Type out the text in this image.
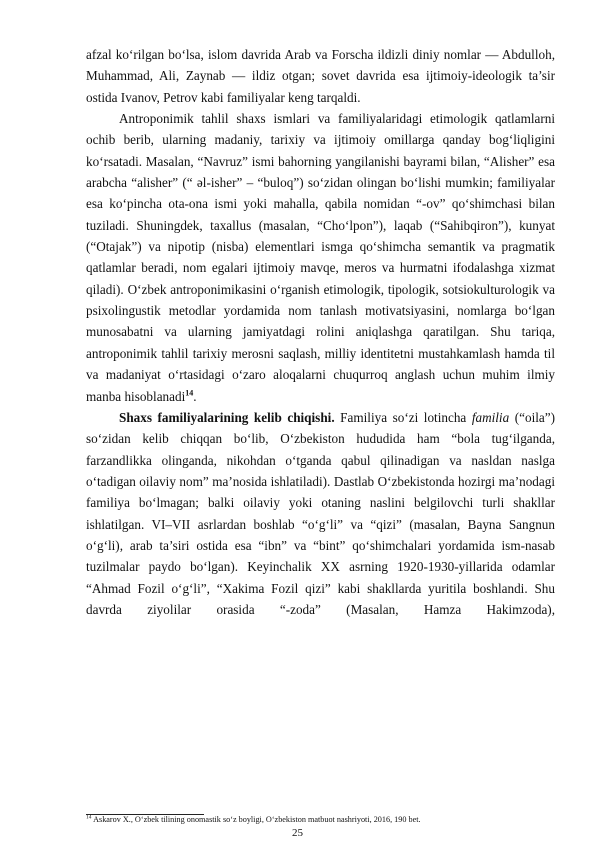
afzal ko‘rilgan bo‘lsa, islom davrida Arab va Forscha ildizli diniy nomlar — Abdulloh, Muhammad, Ali, Zaynab — ildiz otgan; sovet davrida esa ijtimoiy-ideologik ta’sir ostida Ivanov, Petrov kabi familiyalar keng tarqaldi.

Antroponimik tahlil shaxs ismlari va familiyalaridagi etimologik qatlamlarni ochib berib, ularning madaniy, tarixiy va ijtimoiy omillarga qanday bog‘liqligini ko‘rsatadi. Masalan, “Navruz” ismi bahorning yangilanishi bayrami bilan, “Alisher” esa arabcha “alisher” (“ əl-isher” – “buloq”) so‘zidan olingan bo‘lishi mumkin; familiyalar esa ko‘pincha ota-ona ismi yoki mahalla, qabila nomidan “-ov” qo‘shimchasi bilan tuziladi. Shuningdek, taxallus (masalan, “Cho‘lpon”), laqab (“Sahibqiron”), kunyat (“Otajak”) va nipotip (nisba) elementlari ismga qo‘shimcha semantik va pragmatik qatlamlar beradi, nom egalari ijtimoiy mavqe, meros va hurmatni ifodalashga xizmat qiladi). O‘zbek antroponimikasini o‘rganish etimologik, tipologik, sotsiokulturologik va psixolingustik metodlar yordamida nom tanlash motivatsiyasini, nomlarga bo‘lgan munosabatni va ularning jamiyatdagi rolini aniqlashga qaratilgan. Shu tariqa, antroponimik tahlil tarixiy merosni saqlash, milliy identitetni mustahkamlash hamda til va madaniyat o‘rtasidagi o‘zaro aloqalarni chuqurroq anglash uchun muhim ilmiy manba hisoblanadi$^{14}$.

Shaxs familiyalarining kelib chiqishi. Familiya so‘zi lotincha familia (“oila”) so‘zidan kelib chiqqan bo‘lib, O‘zbekiston hududida ham “bola tug‘ilganda, farzandlikka olinganda, nikohdan o‘tganda qabul qilinadigan va nasldan naslga o‘tadigan oilaviy nom” ma’nosida ishlatiladi). Dastlab O‘zbekistonda hozirgi ma’nodagi familiya bo‘lmagan; balki oilaviy yoki otaning naslini belgilovchi turli shakllar ishlatilgan. VI–VII asrlardan boshlab “o‘g‘li” va “qizi” (masalan, Bayna Sangnun o‘g‘li), arab ta’siri ostida esa “ibn” va “bint” qo‘shimchalari yordamida ism-nasab tuzilmalar paydo bo‘lgan). Keyinchalik XX asrning 1920-1930-yillarida odamlar “Ahmad Fozil o‘g‘li”, “Xakima Fozil qizi” kabi shakllarda yuritila boshlandi. Shu davrda ziyolilar orasida “-zoda” (Masalan, Hamza Hakimzoda),

$^{14}$ Askarov X., O‘zbek tilining onomastik so‘z boyligi, O‘zbekiston matbuot nashriyoti, 2016, 190 bet.
25
